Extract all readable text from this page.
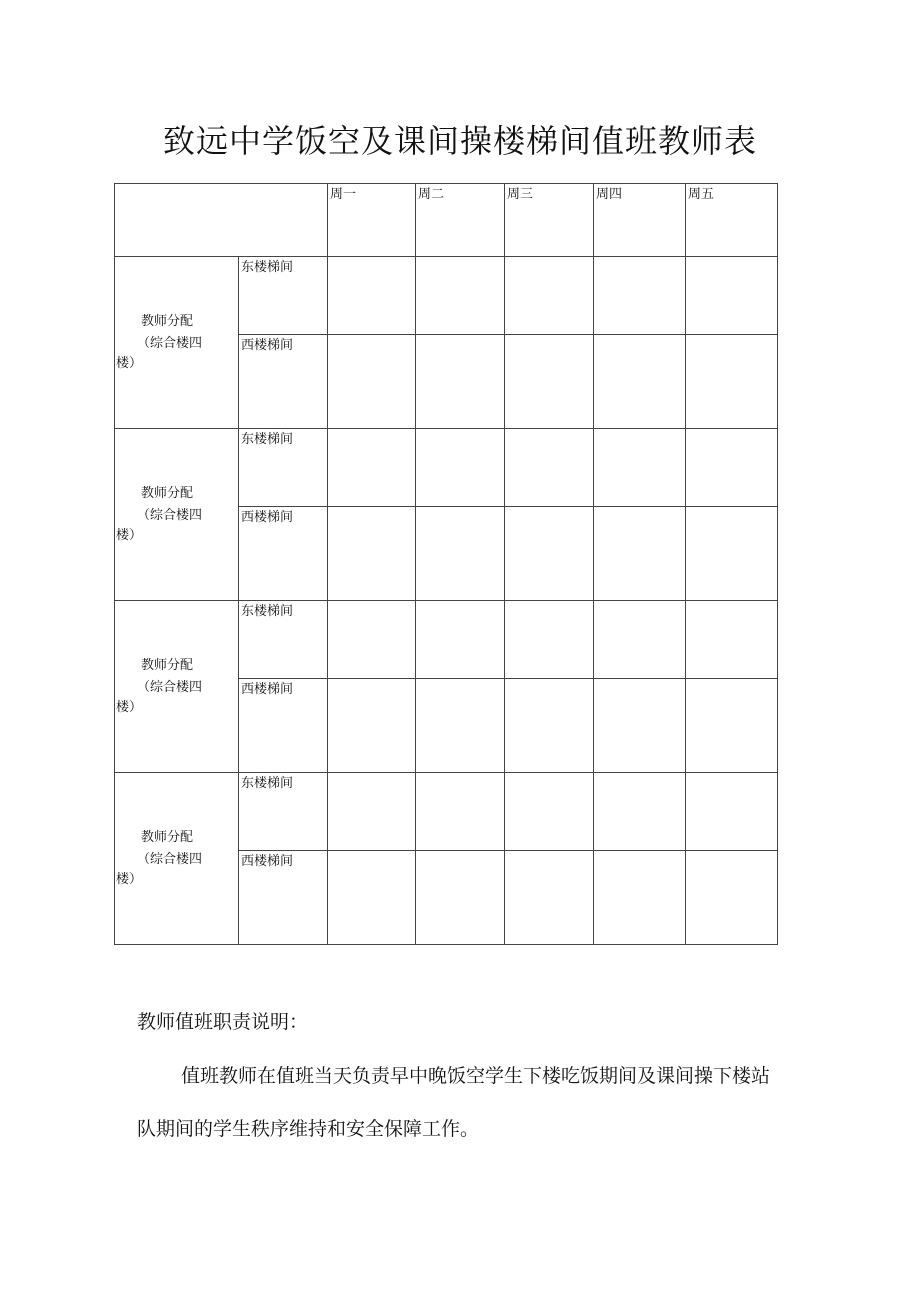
致远中学饭空及课间操楼梯间值班教师表
		周一	周二	周三	周四	周五

教师分配
（综合楼四
楼）	东楼梯间					
	西楼梯间					

教师分配
（综合楼四
楼）	东楼梯间					
	西楼梯间					

教师分配
（综合楼四
楼）	东楼梯间					
	西楼梯间					

教师分配
（综合楼四
楼）	东楼梯间					
	西楼梯间					

教师值班职责说明：

值班教师在值班当天负责早中晚饭空学生下楼吃饭期间及课间操下楼站队期间的学生秩序维持和安全保障工作。
